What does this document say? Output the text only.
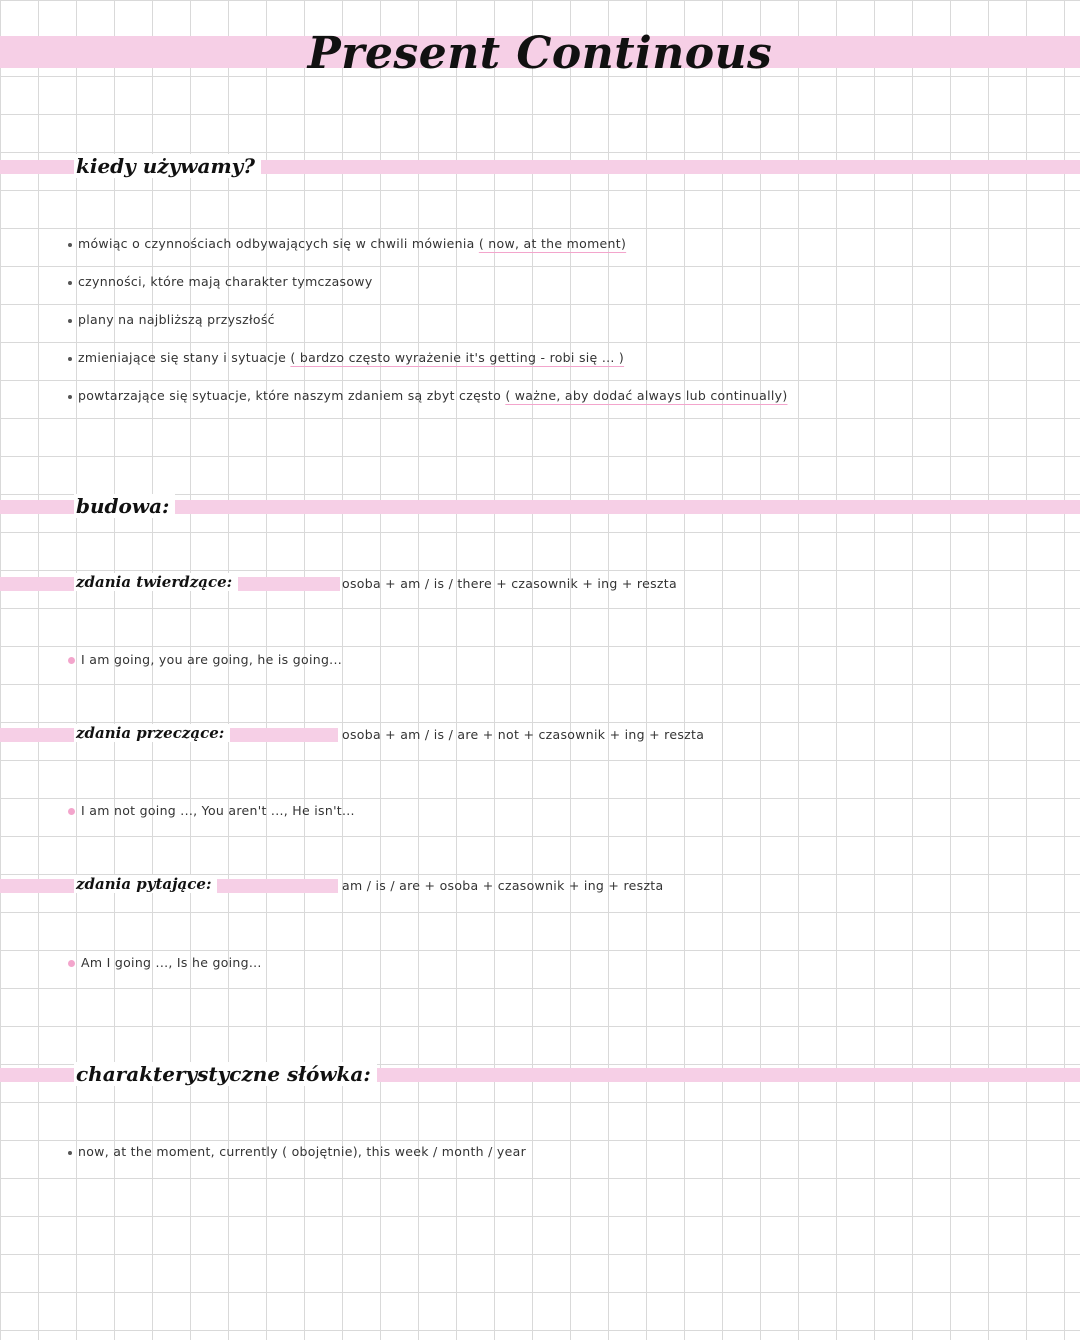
Present Continous
kiedy używamy?
mówiąc o czynnościach odbywających się w chwili mówienia ( now, at the moment)
czynności, które mają charakter tymczasowy
plany na najbliższą przyszłość
zmieniające się stany i sytuacje ( bardzo często wyrażenie it's getting - robi się ... )
powtarzające się sytuacje, które naszym zdaniem są zbyt często ( ważne, aby dodać always lub continually)
budowa:
zdania twierdzące:	osoba + am / is / there + czasownik + ing + reszta
I am going, you are going, he is going...
zdania przeczące:	osoba + am / is / are + not + czasownik + ing + reszta
I am not going ..., You aren't ..., He isn't...
zdania pytające:	am / is / are + osoba + czasownik + ing + reszta
Am I going ..., Is he going...
charakterystyczne słówka:
now, at the moment, currently ( obojętnie), this week / month / year
